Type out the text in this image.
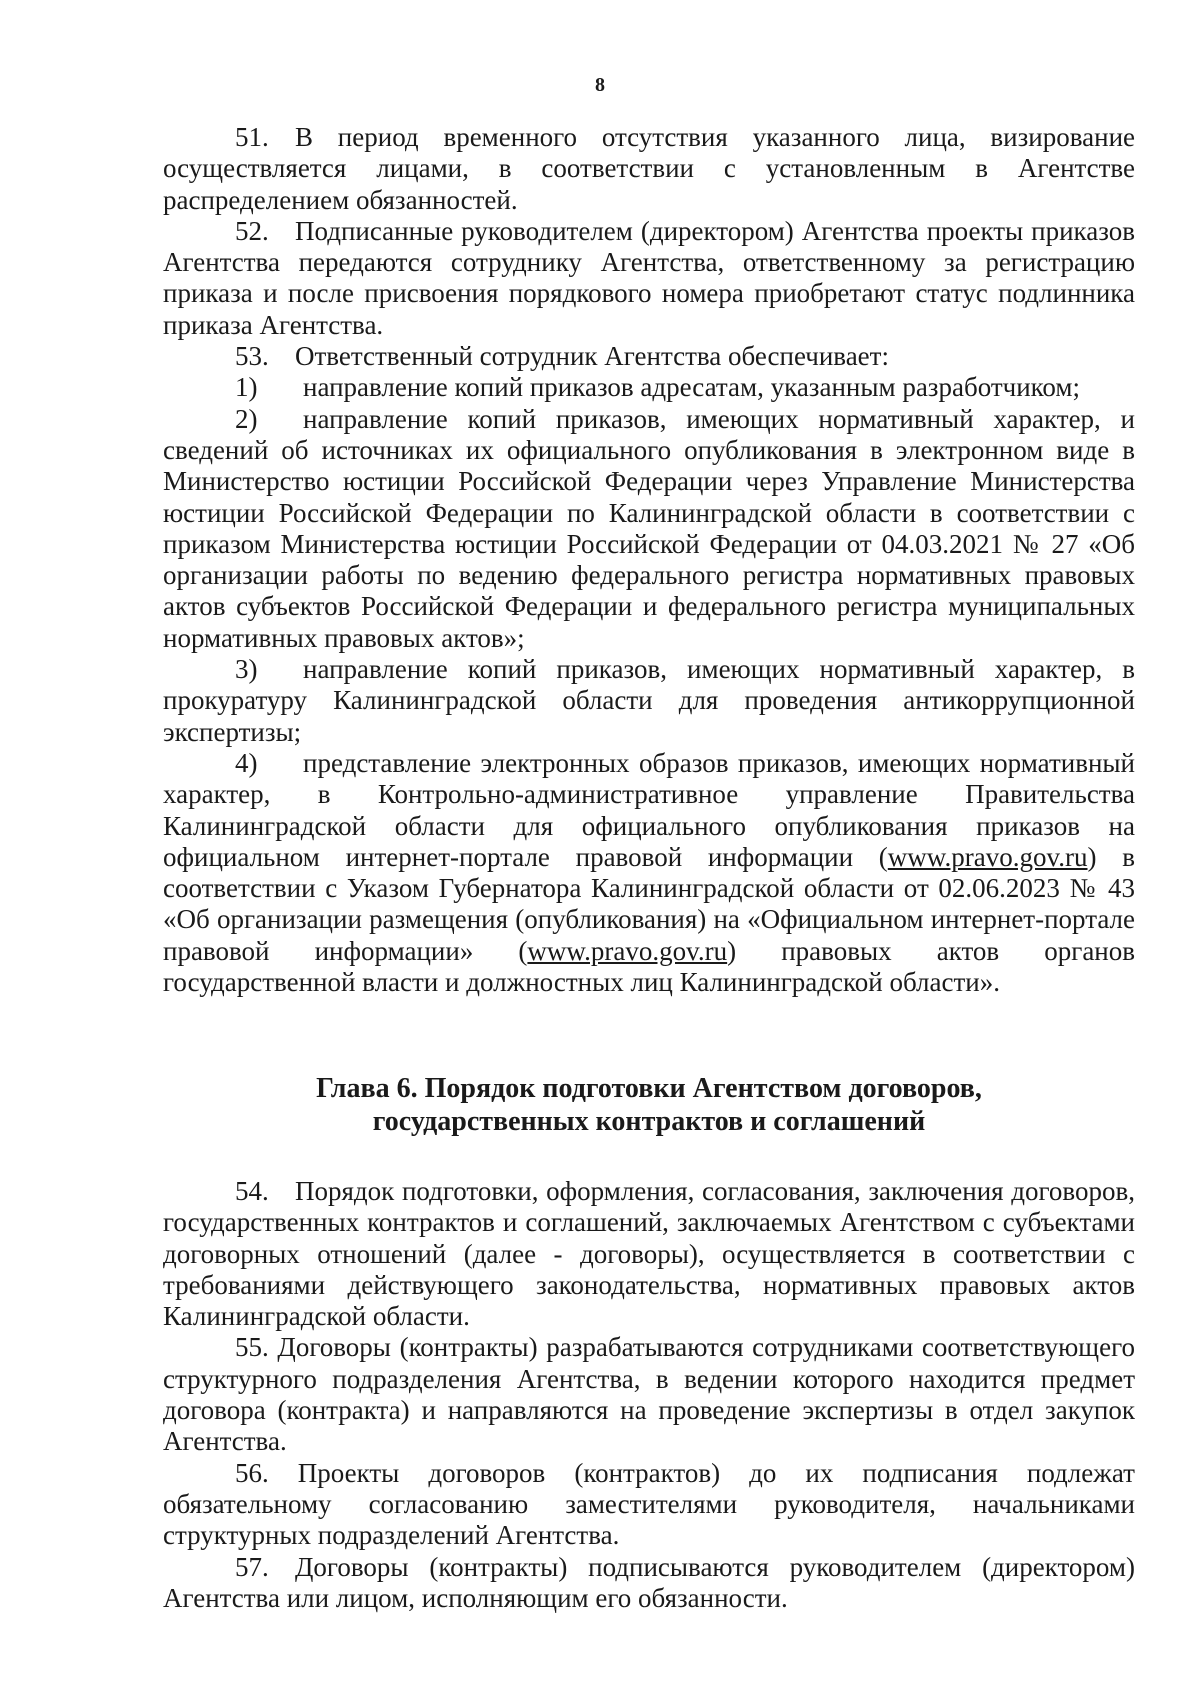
8

51. В период временного отсутствия указанного лица, визирование осуществляется лицами, в соответствии с установленным в Агентстве распределением обязанностей.

52. Подписанные руководителем (директором) Агентства проекты приказов Агентства передаются сотруднику Агентства, ответственному за регистрацию приказа и после присвоения порядкового номера приобретают статус подлинника приказа Агентства.

53. Ответственный сотрудник Агентства обеспечивает:

1) направление копий приказов адресатам, указанным разработчиком;

2) направление копий приказов, имеющих нормативный характер, и сведений об источниках их официального опубликования в электронном виде в Министерство юстиции Российской Федерации через Управление Министерства юстиции Российской Федерации по Калининградской области в соответствии с приказом Министерства юстиции Российской Федерации от 04.03.2021 № 27 «Об организации работы по ведению федерального регистра нормативных правовых актов субъектов Российской Федерации и федерального регистра муниципальных нормативных правовых актов»;

3) направление копий приказов, имеющих нормативный характер, в прокуратуру Калининградской области для проведения антикоррупционной экспертизы;

4) представление электронных образов приказов, имеющих нормативный характер, в Контрольно-административное управление Правительства Калининградской области для официального опубликования приказов на официальном интернет-портале правовой информации (www.pravo.gov.ru) в соответствии с Указом Губернатора Калининградской области от 02.06.2023 № 43 «Об организации размещения (опубликования) на «Официальном интернет-портале правовой информации» (www.pravo.gov.ru) правовых актов органов государственной власти и должностных лиц Калининградской области».

Глава 6. Порядок подготовки Агентством договоров,

государственных контрактов и соглашений

54. Порядок подготовки, оформления, согласования, заключения договоров, государственных контрактов и соглашений, заключаемых Агентством с субъектами договорных отношений (далее - договоры), осуществляется в соответствии с требованиями действующего законодательства, нормативных правовых актов Калининградской области.

55. Договоры (контракты) разрабатываются сотрудниками соответствующего структурного подразделения Агентства, в ведении которого находится предмет договора (контракта) и направляются на проведение экспертизы в отдел закупок Агентства.

56. Проекты договоров (контрактов) до их подписания подлежат обязательному согласованию заместителями руководителя, начальниками структурных подразделений Агентства.

57. Договоры (контракты) подписываются руководителем (директором) Агентства или лицом, исполняющим его обязанности.
